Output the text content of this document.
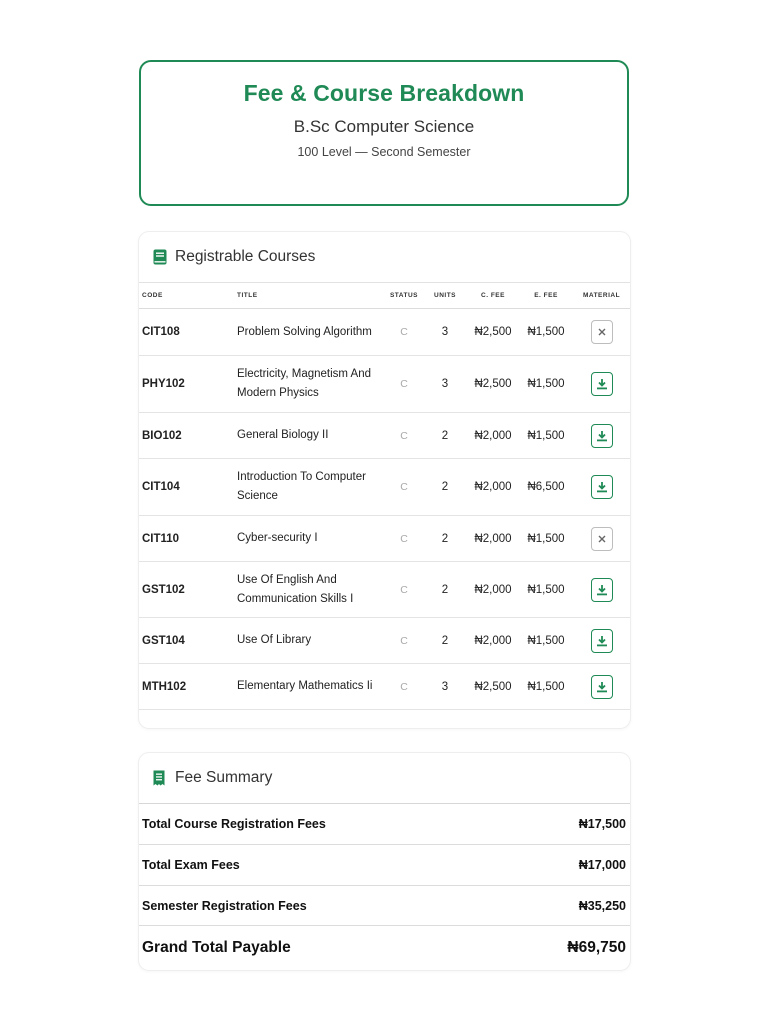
Fee & Course Breakdown
B.Sc Computer Science
100 Level — Second Semester
Registrable Courses
CODE	TITLE	STATUS	UNITS	C. FEE	E. FEE	MATERIAL
CIT108	Problem Solving Algorithm	C	3	₦2,500	₦1,500	

PHY102	Electricity, Magnetism And Modern Physics	C	3	₦2,500	₦1,500	

BIO102	General Biology II	C	2	₦2,000	₦1,500	

CIT104	Introduction To Computer Science	C	2	₦2,000	₦6,500	

CIT110	Cyber-security I	C	2	₦2,000	₦1,500	

GST102	Use Of English And Communication Skills I	C	2	₦2,000	₦1,500	

GST104	Use Of Library	C	2	₦2,000	₦1,500	

MTH102	Elementary Mathematics Ii	C	3	₦2,500	₦1,500	
Fee Summary
Total Course Registration Fees	₦17,500
Total Exam Fees	₦17,000
Semester Registration Fees	₦35,250
Grand Total Payable	₦69,750
